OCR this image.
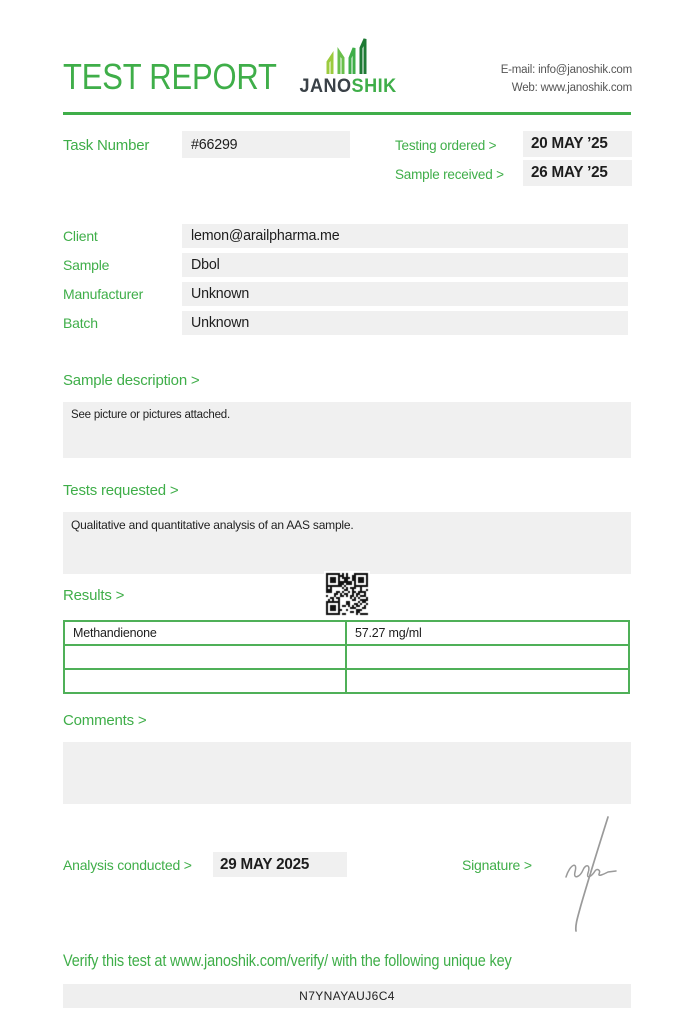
TEST REPORT JANOSHIK
E-mail: info@janoshik.com
Web: www.janoshik.com
Task Number	#66299	Testing ordered >	20 MAY ’25
Sample received >	26 MAY ’25
Client	lemon@arailpharma.me
Sample	Dbol
Manufacturer	Unknown
Batch	Unknown
Sample description >
See picture or pictures attached.
Tests requested >
Qualitative and quantitative analysis of an AAS sample.
Results >
Methandienone	57.27 mg/ml
Comments >
Analysis conducted >	29 MAY 2025	Signature >
Verify this test at www.janoshik.com/verify/ with the following unique key
N7YNAYAUJ6C4
